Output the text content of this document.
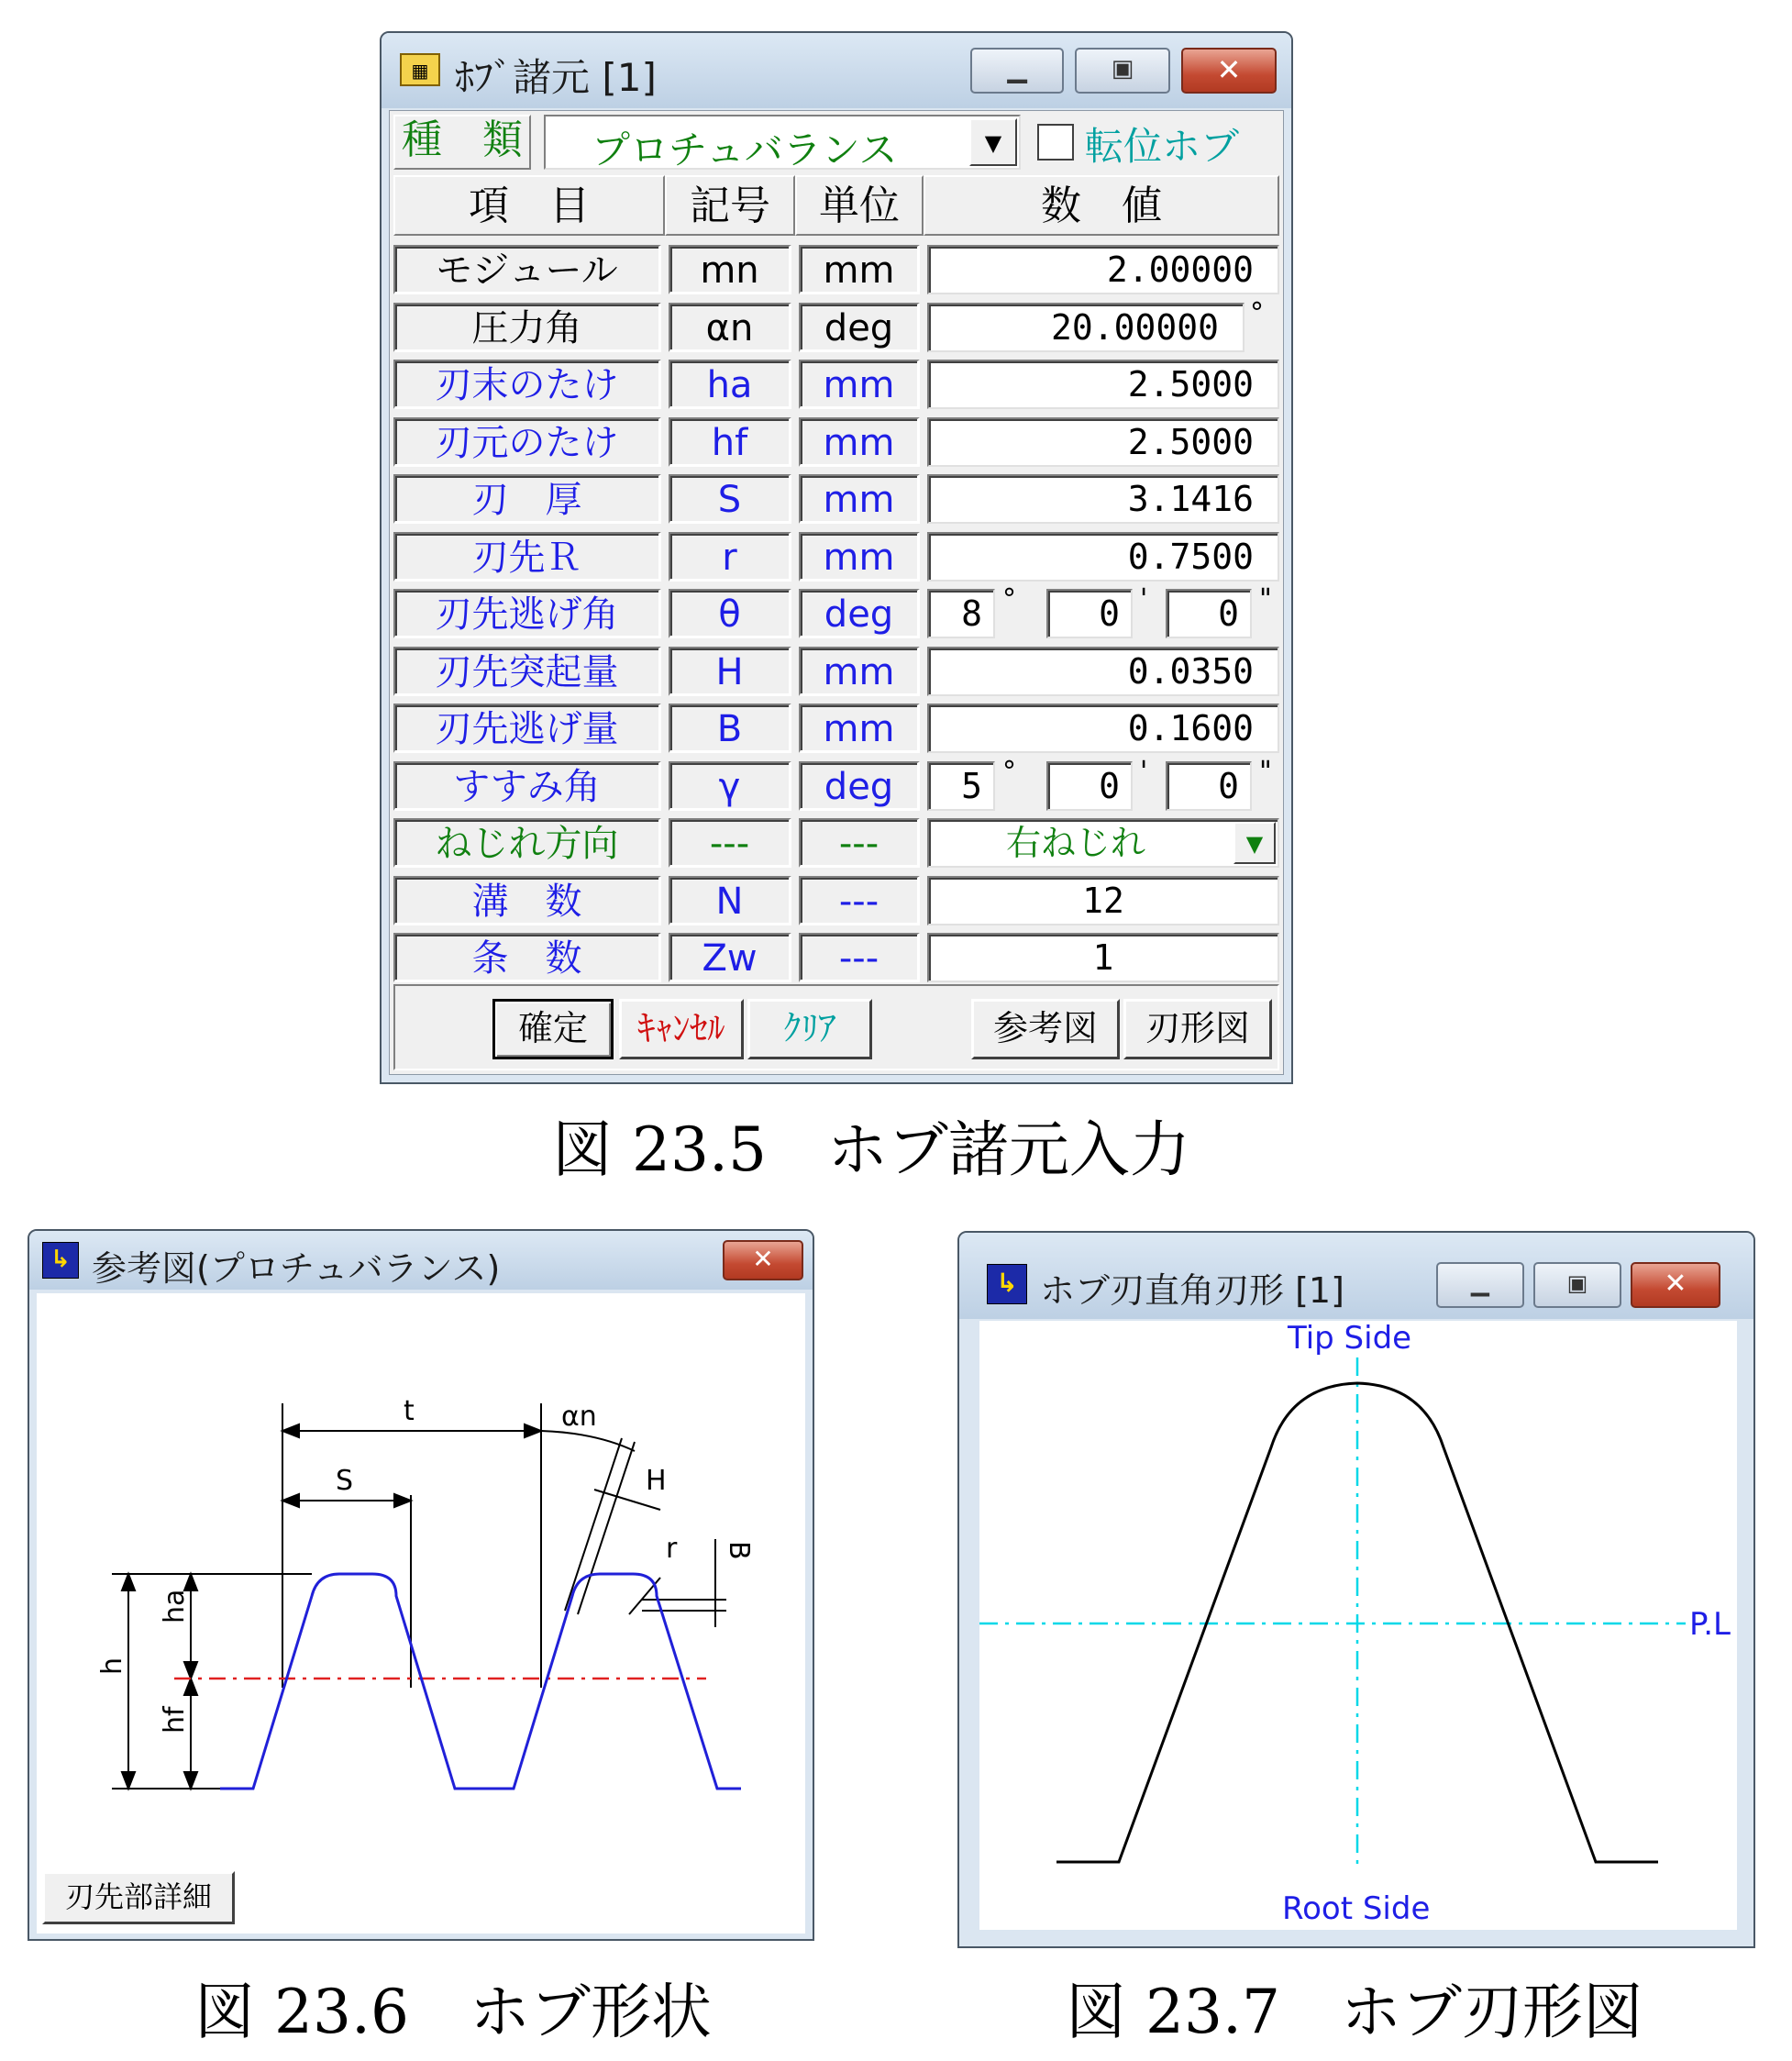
▦ ﾎﾌﾞ諸元 [1]	▁	▣	✕
種　類 プロチュバランス	▼	転位ホブ
項　目	記号	単位	数　値
モジュール	mn	mm	2.00000
圧力角	αn	deg	20.00000	°
刃末のたけ	ha	mm	2.5000
刃元のたけ	hf	mm	2.5000
刃　厚	S	mm	3.1416
刃先Ｒ	r	mm	0.7500
刃先逃げ角	θ	deg	8 °	0 '	0 "
刃先突起量	H	mm	0.0350
刃先逃げ量	B	mm	0.1600
すすみ角	γ	deg	5 °	0 '	0 "
ねじれ方向	---	---	右ねじれ	▼
溝　数	N	---	12
条　数	Zw	---	1
確定	ｷｬﾝｾﾙ	ｸﾘｱ	参考図	刃形図
図 23.5　ホブ諸元入力
↳ 参考図(プロチュバランス)	✕
t
S
αn
H
r B
ha
hf
h
刃先部詳細
図 23.6　ホブ形状
↳ ホブ刃直角刃形 [1]	▁	▣	✕
Tip Side
Root Side
P.L
図 23.7　ホブ刃形図
